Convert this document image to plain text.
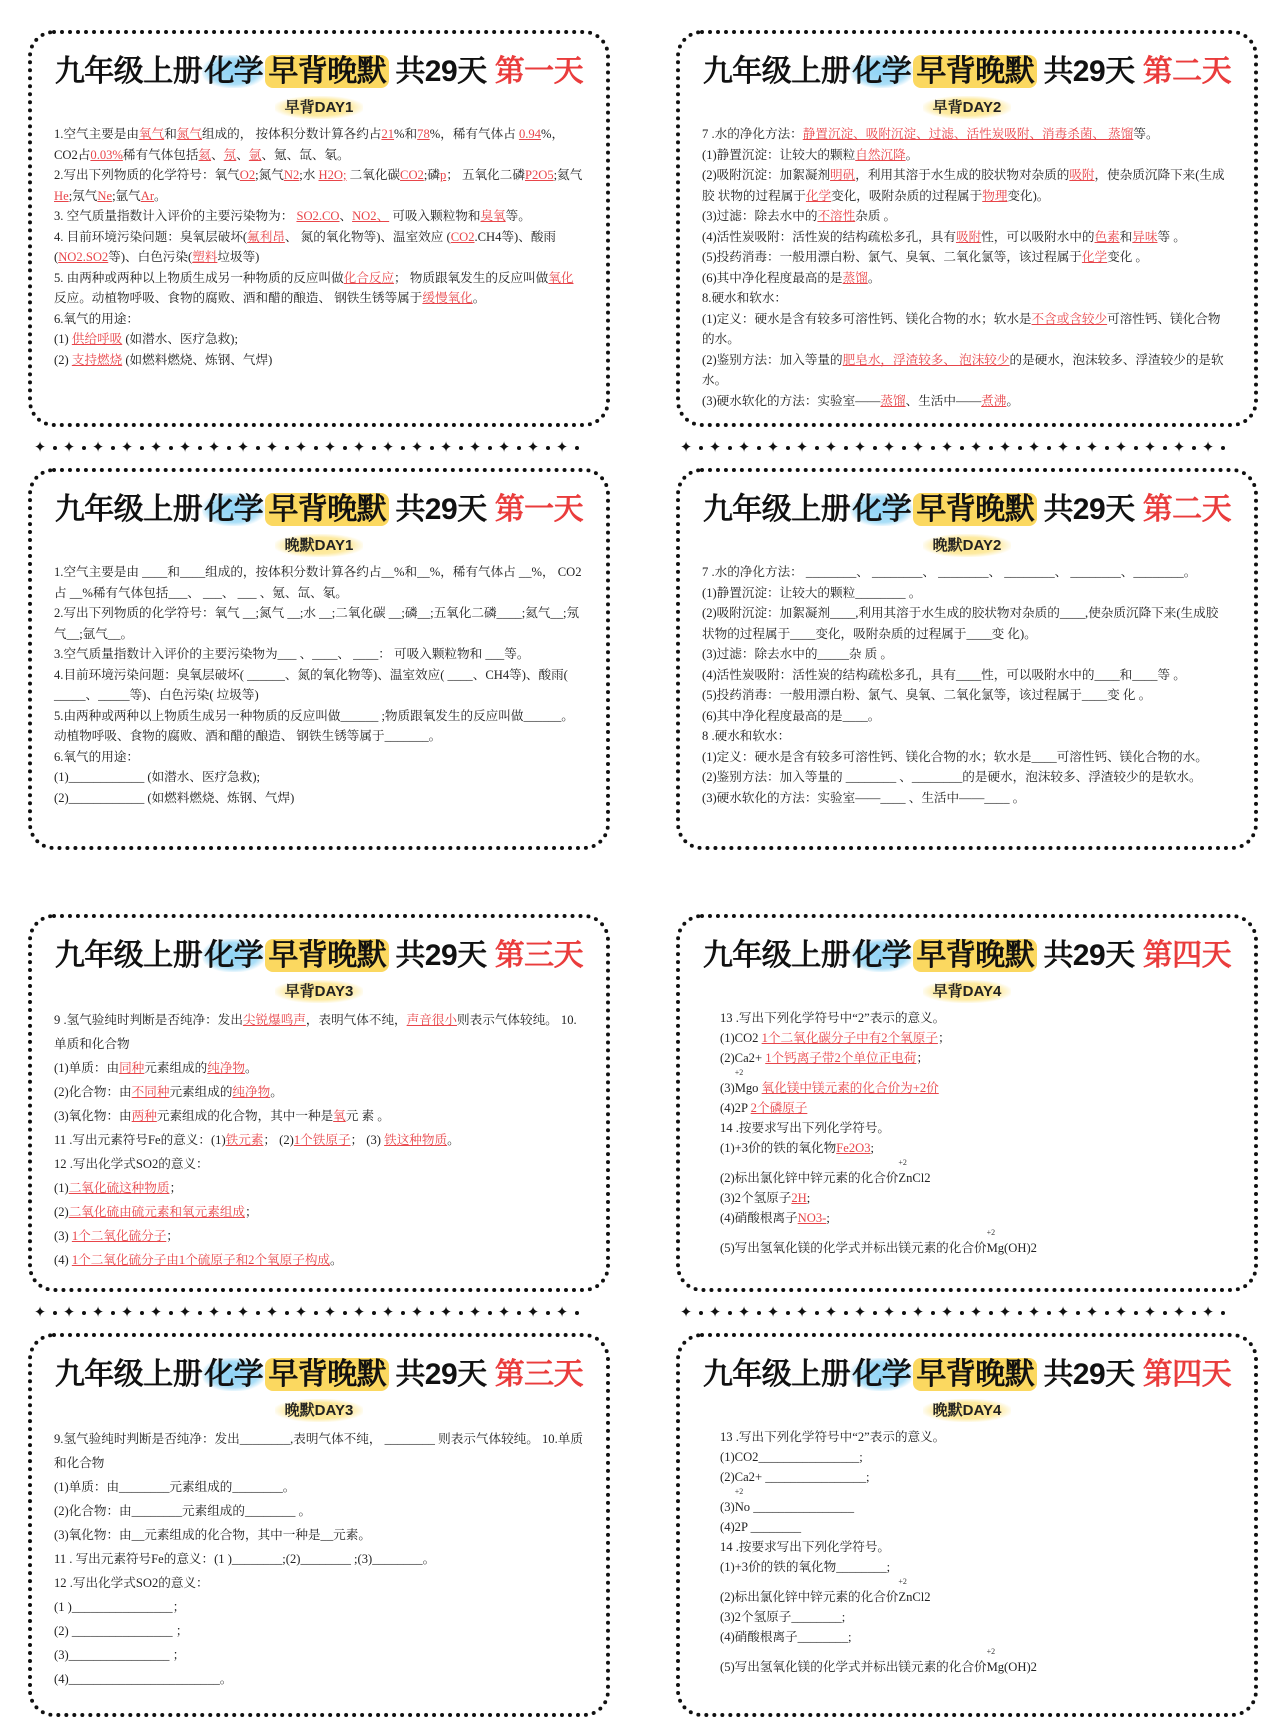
九年级上册化学 早背晚默 共29天 第一天
早背DAY1

1.空气主要是由氧气和氮气组成的， 按体积分数计算各约占21%和78%，稀有气体占 0.94%， CO2占0.03%稀有气体包括氦、氖、氩、氪、氙、氡。

2.写出下列物质的化学符号：氧气O2;氮气N2;水 H2O; 二氧化碳CO2;磷p； 五氧化二磷P2O5;氦气He;氖气Ne;氩气Ar。

3. 空气质量指数计入评价的主要污染物为： SO2.CO、NO2、 可吸入颗粒物和臭氧等。

4. 目前环境污染问题：臭氧层破坏(氟利昂、 氮的氧化物等)、温室效应 (CO2.CH4等)、酸雨 (NO2.SO2等)、白色污染(塑料垃圾等)

5. 由两种或两种以上物质生成另一种物质的反应叫做化合反应； 物质跟氧发生的反应叫做氧化反应。动植物呼吸、食物的腐败、酒和醋的酿造、 钢铁生锈等属于缓慢氧化。

6.氧气的用途：

(1) 供给呼吸 (如潜水、医疗急救);

(2) 支持燃烧 (如燃料燃烧、炼钢、气焊)

九年级上册化学 早背晚默 共29天 第二天
早背DAY2

7 .水的净化方法：静置沉淀、吸附沉淀、过滤、活性炭吸附、消毒杀菌、 蒸馏等。

(1)静置沉淀：让较大的颗粒自然沉降。

(2)吸附沉淀：加絮凝剂明矾，利用其溶于水生成的胶状物对杂质的吸附，使杂质沉降下来(生成胶 状物的过程属于化学变化，吸附杂质的过程属于物理变化)。

(3)过滤：除去水中的不溶性杂质 。

(4)活性炭吸附：活性炭的结构疏松多孔，具有吸附性，可以吸附水中的色素和异味等 。

(5)投药消毒：一般用漂白粉、氯气、臭氧、二氧化氯等，该过程属于化学变化 。

(6)其中净化程度最高的是蒸馏。

8.硬水和软水：

(1)定义：硬水是含有较多可溶性钙、镁化合物的水；软水是不含或含较少可溶性钙、镁化合物的水。

(2)鉴别方法：加入等量的肥皂水，浮渣较多、 泡沫较少的是硬水，泡沫较多、浮渣较少的是软水。

(3)硬水软化的方法：实验室——蒸馏、生活中——煮沸。

✦ ✦ ✦ ✦ ✦ ✦ ✦ ✦ ✦ ✦ ✦ ✦ ✦ ✦ ✦ ✦ ✦ ✦ ✦	✦ ✦ ✦ ✦ ✦ ✦ ✦ ✦ ✦ ✦ ✦ ✦ ✦ ✦ ✦ ✦ ✦ ✦ ✦
九年级上册化学 早背晚默 共29天 第一天
晚默DAY1

1.空气主要是由 ____和____组成的，按体积分数计算各约占__%和__%，稀有气体占 __%， CO2占 __%稀有气体包括___、 ___、 ___ 、氪、氙、氡。

2.写出下列物质的化学符号：氧气 __;氮气 __;水 __;二氧化碳 __;磷__;五氧化二磷____;氦气__;氖气__;氩气__。

3.空气质量指数计入评价的主要污染物为___ 、____、 ____： 可吸入颗粒物和 ___等。

4.目前环境污染问题：臭氧层破坏( ______、氮的氧化物等)、温室效应( ____、CH4等)、酸雨( _____、_____等)、白色污染( 垃圾等)

5.由两种或两种以上物质生成另一种物质的反应叫做______ ;物质跟氧发生的反应叫做______。动植物呼吸、食物的腐败、酒和醋的酿造、 钢铁生锈等属于_______。

6.氧气的用途：

(1)____________ (如潜水、医疗急救);

(2)____________ (如燃料燃烧、炼钢、气焊)

九年级上册化学 早背晚默 共29天 第二天
晚默DAY2

7 .水的净化方法： ________、 ________、 ________、 ________、 ________、________。

(1)静置沉淀：让较大的颗粒________ 。

(2)吸附沉淀：加絮凝剂____,利用其溶于水生成的胶状物对杂质的____,使杂质沉降下来(生成胶 状物的过程属于____变化，吸附杂质的过程属于____变 化)。

(3)过滤：除去水中的_____杂 质 。

(4)活性炭吸附：活性炭的结构疏松多孔，具有____性，可以吸附水中的____和____等 。

(5)投药消毒：一般用漂白粉、氯气、臭氧、二氧化氯等，该过程属于____变 化 。

(6)其中净化程度最高的是____。

8 .硬水和软水：

(1)定义：硬水是含有较多可溶性钙、镁化合物的水；软水是____可溶性钙、镁化合物的水。

(2)鉴别方法：加入等量的 ________ 、________的是硬水，泡沫较多、浮渣较少的是软水。

(3)硬水软化的方法：实验室——____ 、生活中——____ 。

九年级上册化学 早背晚默 共29天 第三天
早背DAY3

9 .氢气验纯时判断是否纯净：发出尖锐爆鸣声，表明气体不纯，声音很小则表示气体较纯。 10.单质和化合物

(1)单质：由同种元素组成的纯净物。

(2)化合物：由不同种元素组成的纯净物。

(3)氧化物：由两种元素组成的化合物，其中一种是氧元 素 。

11 .写出元素符号Fe的意义：(1)铁元素； (2)1个铁原子； (3) 铁这种物质。

12 .写出化学式SO2的意义：

(1)二氧化硫这种物质；

(2)二氧化硫由硫元素和氧元素组成；

(3) 1个二氧化硫分子；

(4) 1个二氧化硫分子由1个硫原子和2个氧原子构成。

九年级上册化学 早背晚默 共29天 第四天
早背DAY4

13 .写出下列化学符号中“2”表示的意义。

(1)CO2 1个二氧化碳分子中有2个氧原子；

(2)Ca2+ 1个钙离子带2个单位正电荷；

(3)
+2
Mgo 氧化镁中镁元素的化合价为+2价

(4)2P 2个磷原子

14 .按要求写出下列化学符号。

(1)+3价的铁的氧化物Fe2O3;

(2)标出氯化锌中锌元素的化合价
+2
ZnCl2

(3)2个氢原子2H;

(4)硝酸根离子NO3-;

(5)写出氢氧化镁的化学式并标出镁元素的化合价
+2
Mg(OH)2

✦ ✦ ✦ ✦ ✦ ✦ ✦ ✦ ✦ ✦ ✦ ✦ ✦ ✦ ✦ ✦ ✦ ✦ ✦	✦ ✦ ✦ ✦ ✦ ✦ ✦ ✦ ✦ ✦ ✦ ✦ ✦ ✦ ✦ ✦ ✦ ✦ ✦
九年级上册化学 早背晚默 共29天 第三天
晚默DAY3

9.氢气验纯时判断是否纯净：发出________,表明气体不纯， ________ 则表示气体较纯。 10.单质和化合物

(1)单质：由________元素组成的________。

(2)化合物：由________元素组成的________ 。

(3)氧化物：由__元素组成的化合物，其中一种是__元素。

11 . 写出元素符号Fe的意义：(1 )________;(2)________ ;(3)________。

12 .写出化学式SO2的意义：

(1 )________________；

(2) ________________ ；

(3)________________ ；

(4)________________________。

九年级上册化学 早背晚默 共29天 第四天
晚默DAY4

13 .写出下列化学符号中“2”表示的意义。

(1)CO2________________;

(2)Ca2+ ________________;

(3)
+2
No ________________

(4)2P ________

14 .按要求写出下列化学符号。

(1)+3价的铁的氧化物________;

(2)标出氯化锌中锌元素的化合价
+2
ZnCl2

(3)2个氢原子________;

(4)硝酸根离子________;

(5)写出氢氧化镁的化学式并标出镁元素的化合价
+2
Mg(OH)2
